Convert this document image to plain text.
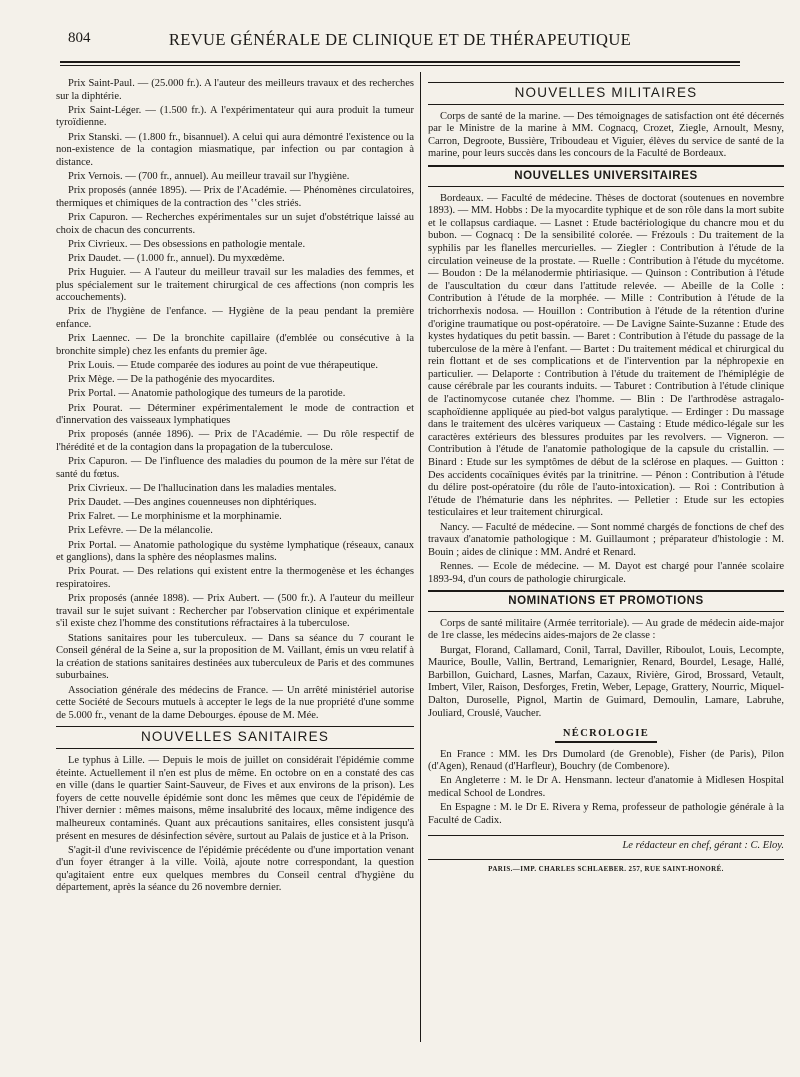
804	REVUE GÉNÉRALE DE CLINIQUE ET DE THÉRAPEUTIQUE

Prix Saint-Paul. — (25.000 fr.). A l'auteur des meilleurs travaux et des recherches sur la diphtérie.

Prix Saint-Léger. — (1.500 fr.). A l'expérimentateur qui aura produit la tumeur tyroïdienne.

Prix Stanski. — (1.800 fr., bisannuel). A celui qui aura démontré l'existence ou la non-existence de la contagion miasmatique, par infection ou par contagion à distance.

Prix Vernois. — (700 fr., annuel). Au meilleur travail sur l'hygiène.

Prix proposés (année 1895). — Prix de l'Académie. — Phénomènes circulatoires, thermiques et chimiques de la contraction des ʽʽcles striés.

Prix Capuron. — Recherches expérimentales sur un sujet d'obstétrique laissé au choix de chacun des concurrents.

Prix Civrieux. — Des obsessions en pathologie mentale.

Prix Daudet. — (1.000 fr., annuel). Du myxœdème.

Prix Huguier. — A l'auteur du meilleur travail sur les maladies des femmes, et plus spécialement sur le traitement chirurgical de ces affections (non compris les accouchements).

Prix de l'hygiène de l'enfance. — Hygiène de la peau pendant la première enfance.

Prix Laennec. — De la bronchite capillaire (d'emblée ou consécutive à la bronchite simple) chez les enfants du premier âge.

Prix Louis. — Etude comparée des iodures au point de vue thérapeutique.

Prix Mège. — De la pathogénie des myocardites.

Prix Portal. — Anatomie pathologique des tumeurs de la parotide.

Prix Pourat. — Déterminer expérimentalement le mode de contraction et d'innervation des vaisseaux lymphatiques

Prix proposés (année 1896). — Prix de l'Académie. — Du rôle respectif de l'hérédité et de la contagion dans la propagation de la tuberculose.

Prix Capuron. — De l'influence des maladies du poumon de la mère sur l'état de santé du fœtus.

Prix Civrieux. — De l'hallucination dans les maladies mentales.

Prix Daudet. —Des angines couenneuses non diphtériques.

Prix Falret. — Le morphinisme et la morphinamie.

Prix Lefèvre. — De la mélancolie.

Prix Portal. — Anatomie pathologique du système lymphatique (réseaux, canaux et ganglions), dans la sphère des néoplasmes malins.

Prix Pourat. — Des relations qui existent entre la thermogenèse et les échanges respiratoires.

Prix proposés (année 1898). — Prix Aubert. — (500 fr.). A l'auteur du meilleur travail sur le sujet suivant : Rechercher par l'observation clinique et expérimentale s'il existe chez l'homme des constitutions réfractaires à la tuberculose.

Stations sanitaires pour les tuberculeux. — Dans sa séance du 7 courant le Conseil général de la Seine a, sur la proposition de M. Vaillant, émis un vœu relatif à la création de stations sanitaires destinées aux tuberculeux de Paris et des communes suburbaines.

Association générale des médecins de France. — Un arrêté ministériel autorise cette Société de Secours mutuels à accepter le legs de la nue propriété d'une somme de 5.000 fr., venant de la dame Debourges. épouse de M. Mée.

NOUVELLES SANITAIRES

Le typhus à Lille. — Depuis le mois de juillet on considérait l'épidémie comme éteinte. Actuellement il n'en est plus de même. En octobre on en a constaté des cas en ville (dans le quartier Saint-Sauveur, de Fives et aux environs de la prison). Les foyers de cette nouvelle épidémie sont donc les mêmes que ceux de l'épidémie de l'hiver dernier : mêmes maisons, même insalubrité des locaux, même indigence des malheureux contaminés. Quant aux précautions sanitaires, elles consistent jusqu'à présent en mesures de désinfection sévère, surtout au Palais de justice et à la Prison.

S'agit-il d'une reviviscence de l'épidémie précédente ou d'une importation venant d'un foyer étranger à la ville. Voilà, ajoute notre correspondant, la question qu'agitaient entre eux quelques membres du Conseil central d'hygiène du département, après la séance du 26 novembre dernier.

NOUVELLES MILITAIRES

Corps de santé de la marine. — Des témoignages de satisfaction ont été décernés par le Ministre de la marine à MM. Cognacq, Crozet, Ziegle, Arnoult, Mesny, Carron, Degroote, Bussière, Triboudeau et Viguier, élèves du service de santé de la marine, pour leurs succès dans les concours de la Faculté de Bordeaux.

NOUVELLES UNIVERSITAIRES

Bordeaux. — Faculté de médecine. Thèses de doctorat (soutenues en novembre 1893). — MM. Hobbs : De la myocardite typhique et de son rôle dans la mort subite et le collapsus cardiaque. — Lasnet : Etude bactériologique du chancre mou et du bubon. — Cognacq : De la sensibilité colorée. — Frézouls : Du traitement de la syphilis par les flanelles mercurielles. — Ziegler : Contribution à l'étude de la circulation veineuse de la prostate. — Ruelle : Contribution à l'étude du mycétome. — Boudon : De la mélanodermie phtiriasique. — Quinson : Contribution à l'étude de l'auscultation du cœur dans l'attitude relevée. — Abeille de la Colle : Contribution à l'étude de la morphée. — Mille : Contribution à l'étude de la trichorrhexis nodosa. — Houillon : Contribution à l'étude de la rétention d'urine d'origine traumatique ou post-opératoire. — De Lavigne Sainte-Suzanne : Etude des kystes hydatiques du petit bassin. — Baret : Contribution à l'étude du passage de la tuberculose de la mère à l'enfant. — Bartet : Du traitement médical et chirurgical du rein flottant et de ses complications et de l'intervention par la néphropexie en particulier. — Delaporte : Contribution à l'étude du traitement de l'hémiplégie de cause cérébrale par les courants induits. — Taburet : Contribution à l'étude clinique de l'actinomycose cutanée chez l'homme. — Blin : De l'arthrodèse astragalo-scaphoïdienne appliquée au pied-bot valgus paralytique. — Erdinger : Du massage dans le traitement des ulcères variqueux — Castaing : Etude médico-légale sur les caractères extérieurs des blessures produites par les revolvers. — Vigneron. — Contribution à l'étude de l'anatomie pathologique de la capsule du cristallin. — Binard : Etude sur les symptômes de début de la sclérose en plaques. — Guitton : Des accidents cocaïniques évités par la trinitrine. — Pénon : Contribution à l'étude du délire post-opératoire (du rôle de l'auto-intoxication). — Roi : Contribution à l'étude de l'hématurie dans les néphrites. — Pelletier : Etude sur les ectopies testiculaires et leur traitement chirurgical.

Nancy. — Faculté de médecine. — Sont nommé chargés de fonctions de chef des travaux d'anatomie pathologique : M. Guillaumont ; préparateur d'histologie : M. Bouin ; aides de clinique : MM. André et Renard.

Rennes. — Ecole de médecine. — M. Dayot est chargé pour l'année scolaire 1893-94, d'un cours de pathologie chirurgicale.

NOMINATIONS ET PROMOTIONS

Corps de santé militaire (Armée territoriale). — Au grade de médecin aide-major de 1re classe, les médecins aides-majors de 2e classe :

Burgat, Florand, Callamard, Conil, Tarral, Daviller, Riboulot, Louis, Lecompte, Maurice, Boulle, Vallin, Bertrand, Lemarignier, Renard, Bourdel, Lesage, Hallé, Barbillon, Guichard, Lasnes, Marfan, Cazaux, Rivière, Girod, Brossard, Vetault, Imbert, Viler, Raison, Desforges, Fretin, Weber, Lepage, Grattery, Nourric, Miquel-Dalton, Duroselle, Pignol, Martin de Guimard, Demoulin, Lamare, Labruhe, Jouliard, Crouslé, Vaucher.

NÉCROLOGIE

En France : MM. les Drs Dumolard (de Grenoble), Fisher (de Paris), Pilon (d'Agen), Renaud (d'Harfleur), Bouchry (de Combenore).

En Angleterre : M. le Dr A. Hensmann. lecteur d'anatomie à Midlesen Hospital medical School de Londres.

En Espagne : M. le Dr E. Rivera y Rema, professeur de pathologie générale à la Faculté de Cadix.

Le rédacteur en chef, gérant : C. Eloy.
PARIS.—IMP. CHARLES SCHLAEBER. 257, RUE SAINT-HONORÉ.
